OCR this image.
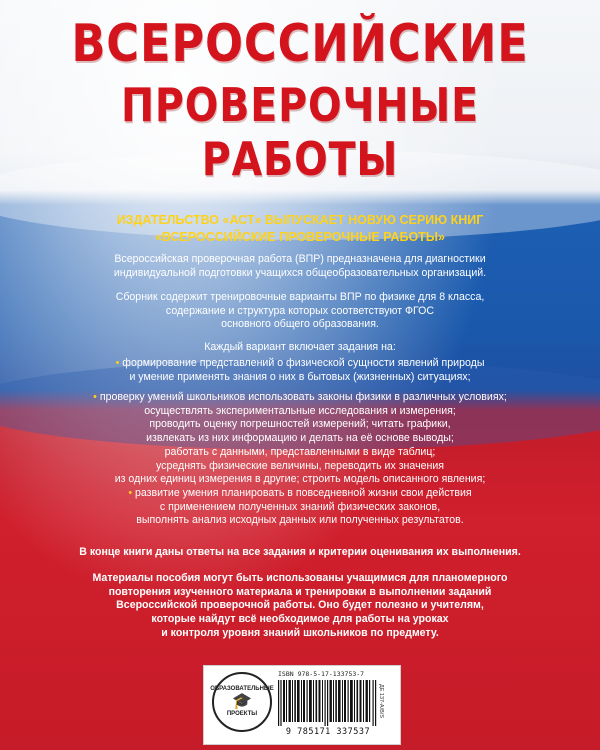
ВСЕРОССИЙСКИЕ
ПРОВЕРОЧНЫЕ РАБОТЫ
ИЗДАТЕЛЬСТВО «АСТ» ВЫПУСКАЕТ НОВУЮ СЕРИЮ КНИГ
«ВСЕРОССИЙСКИЕ ПРОВЕРОЧНЫЕ РАБОТЫ»
Всероссийская проверочная работа (ВПР) предназначена для диагностики
индивидуальной подготовки учащихся общеобразовательных организаций.
Сборник содержит тренировочные варианты ВПР по физике для 8 класса,
содержание и структура которых соответствуют ФГОС
основного общего образования.
Каждый вариант включает задания на:
• формирование представлений о физической сущности явлений природы
и умение применять знания о них в бытовых (жизненных) ситуациях;
• проверку умений школьников использовать законы физики в различных условиях;
осуществлять экспериментальные исследования и измерения;
проводить оценку погрешностей измерений; читать графики,
извлекать из них информацию и делать на её основе выводы;
работать с данными, представленными в виде таблиц;
усреднять физические величины, переводить их значения
из одних единиц измерения в другие; строить модель описанного явления;
• развитие умения планировать в повседневной жизни свои действия
с применением полученных знаний физических законов,
выполнять анализ исходных данных или полученных результатов.
В конце книги даны ответы на все задания и критерии оценивания их выполнения.
Материалы пособия могут быть использованы учащимися для планомерного
повторения изученного материала и тренировки в выполнении заданий
Всероссийской проверочной работы. Оно будет полезно и учителям,
которые найдут всё необходимое для работы на уроках
и контроля уровня знаний школьников по предмету.
ОБРАЗОВАТЕЛЬНЫЕ
🎓
ПРОЕКТЫ
ISBN 978-5-17-133753-7
9 785171 337537
ДЕ 137-A/B/S
